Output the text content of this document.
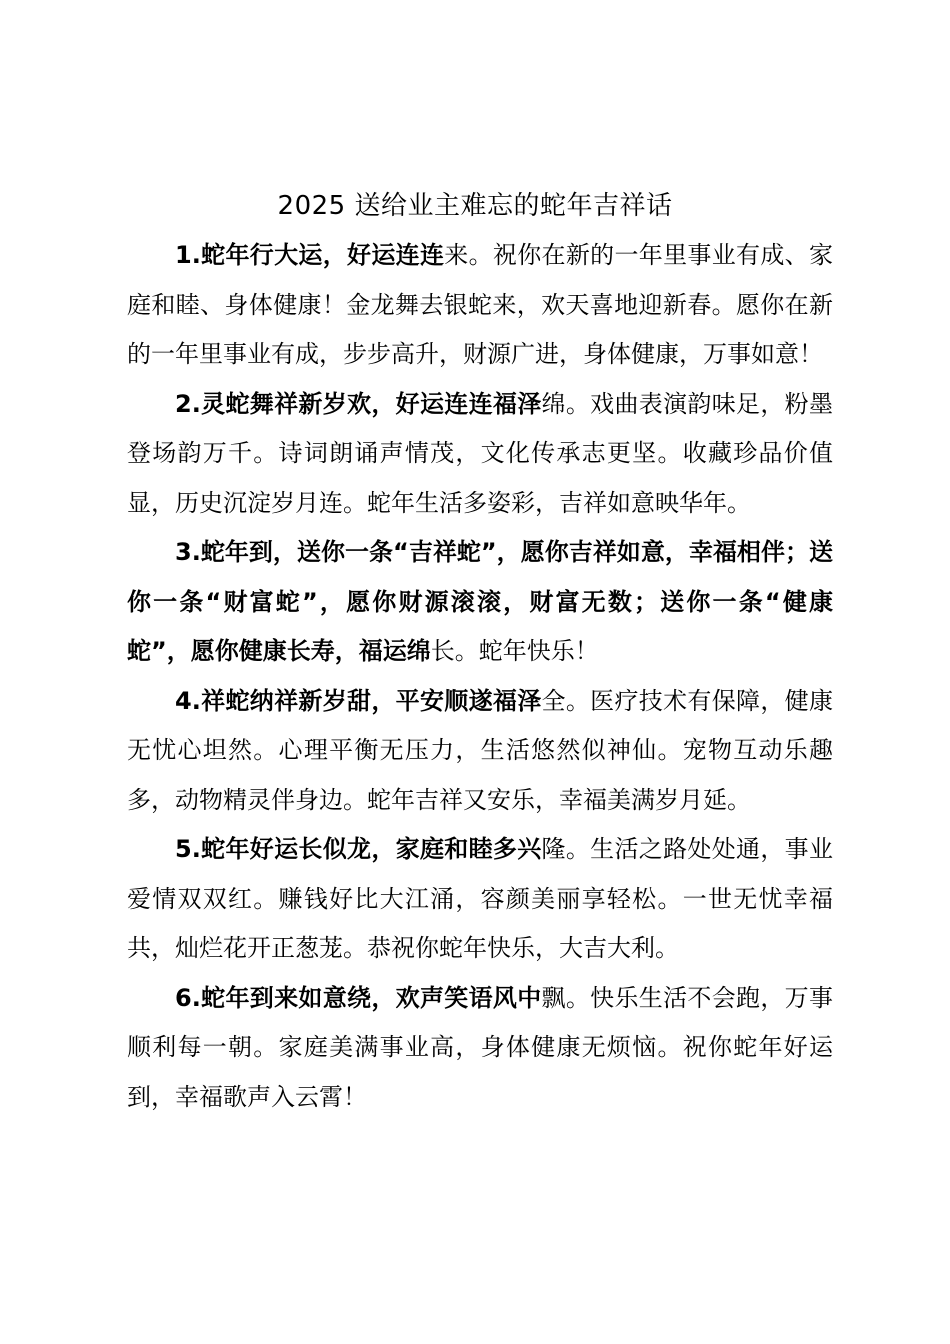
2025 送给业主难忘的蛇年吉祥话

1.蛇年行大运，好运连连来。祝你在新的一年里事业有成、家庭和睦、身体健康！金龙舞去银蛇来，欢天喜地迎新春。愿你在新的一年里事业有成，步步高升，财源广进，身体健康，万事如意！

2.灵蛇舞祥新岁欢，好运连连福泽绵。戏曲表演韵味足，粉墨登场韵万千。诗词朗诵声情茂，文化传承志更坚。收藏珍品价值显，历史沉淀岁月连。蛇年生活多姿彩，吉祥如意映华年。

3.蛇年到，送你一条“吉祥蛇”，愿你吉祥如意，幸福相伴；送你一条“财富蛇”，愿你财源滚滚，财富无数；送你一条“健康蛇”，愿你健康长寿，福运绵长。蛇年快乐！

4.祥蛇纳祥新岁甜，平安顺遂福泽全。医疗技术有保障，健康无忧心坦然。心理平衡无压力，生活悠然似神仙。宠物互动乐趣多，动物精灵伴身边。蛇年吉祥又安乐，幸福美满岁月延。

5.蛇年好运长似龙，家庭和睦多兴隆。生活之路处处通，事业爱情双双红。赚钱好比大江涌，容颜美丽享轻松。一世无忧幸福共，灿烂花开正葱茏。恭祝你蛇年快乐，大吉大利。

6.蛇年到来如意绕，欢声笑语风中飘。快乐生活不会跑，万事顺利每一朝。家庭美满事业高，身体健康无烦恼。祝你蛇年好运到，幸福歌声入云霄！
